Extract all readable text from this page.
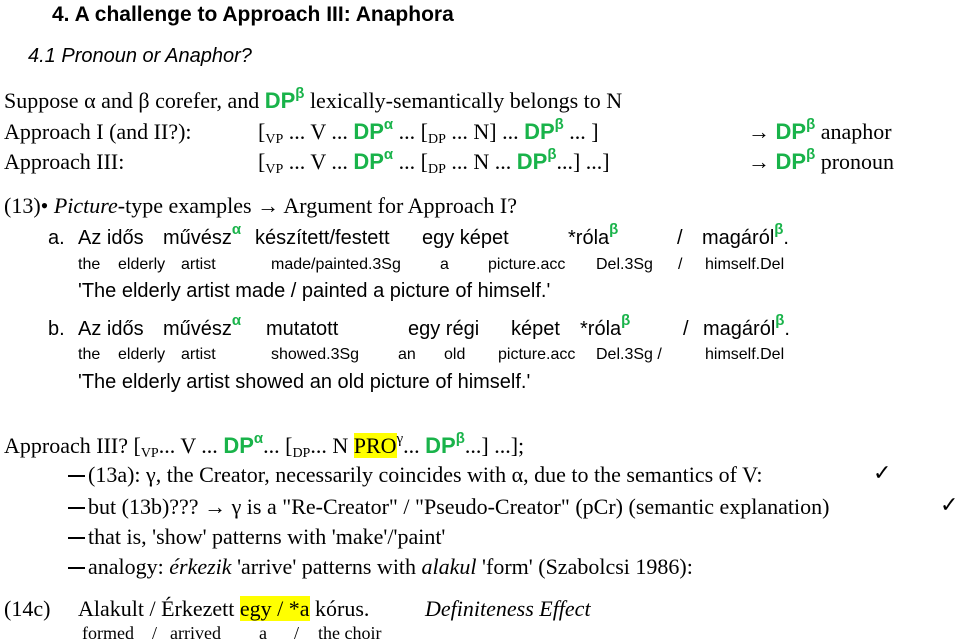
4. A challenge to Approach III: Anaphora
4.1 Pronoun or Anaphor?
Suppose α and β corefer, and $DP^\beta$ lexically-semantically belongs to N
Approach I (and II?):	[VP ... V ... $DP^\alpha$ ... [DP ... N] ... $DP^\beta$ ... ]	→ $DP^\beta$ anaphor
Approach III:	[VP ... V ... $DP^\alpha$ ... [DP ... N ... $DP^\beta$...] ...]	→ $DP^\beta$ pronoun
(13)• Picture-type examples → Argument for Approach I?
a. Az idős művész$^\alpha$ készített/festett egy képet	*róla$^\beta$	/ magáról$^\beta$.
the elderly artist	made/painted.3Sg a picture.acc Del.3Sg / himself.Del
'The elderly artist made / painted a picture of himself.'
b. Az idős művész$^\alpha$ mutatott	egy régi képet *róla$^\beta$	/ magáról$^\beta$.
the elderly artist	showed.3Sg an old picture.acc Del.3Sg /	himself.Del
'The elderly artist showed an old picture of himself.'
Approach III? [VP... V ... $DP^\alpha$... [DP... N $PRO^\gamma$... $DP^\beta$...] ...];
(13a): γ, the Creator, necessarily coincides with α, due to the semantics of V:	✓
but (13b)??? → γ is a "Re-Creator" / "Pseudo-Creator" (pCr) (semantic explanation)	✓
that is, 'show' patterns with 'make'/'paint'
analogy: érkezik 'arrive' patterns with alakul 'form' (Szabolcsi 1986):
(14c) Alakult / Érkezett egy / *a kórus.	Definiteness Effect
formed / arrived a / the choir
